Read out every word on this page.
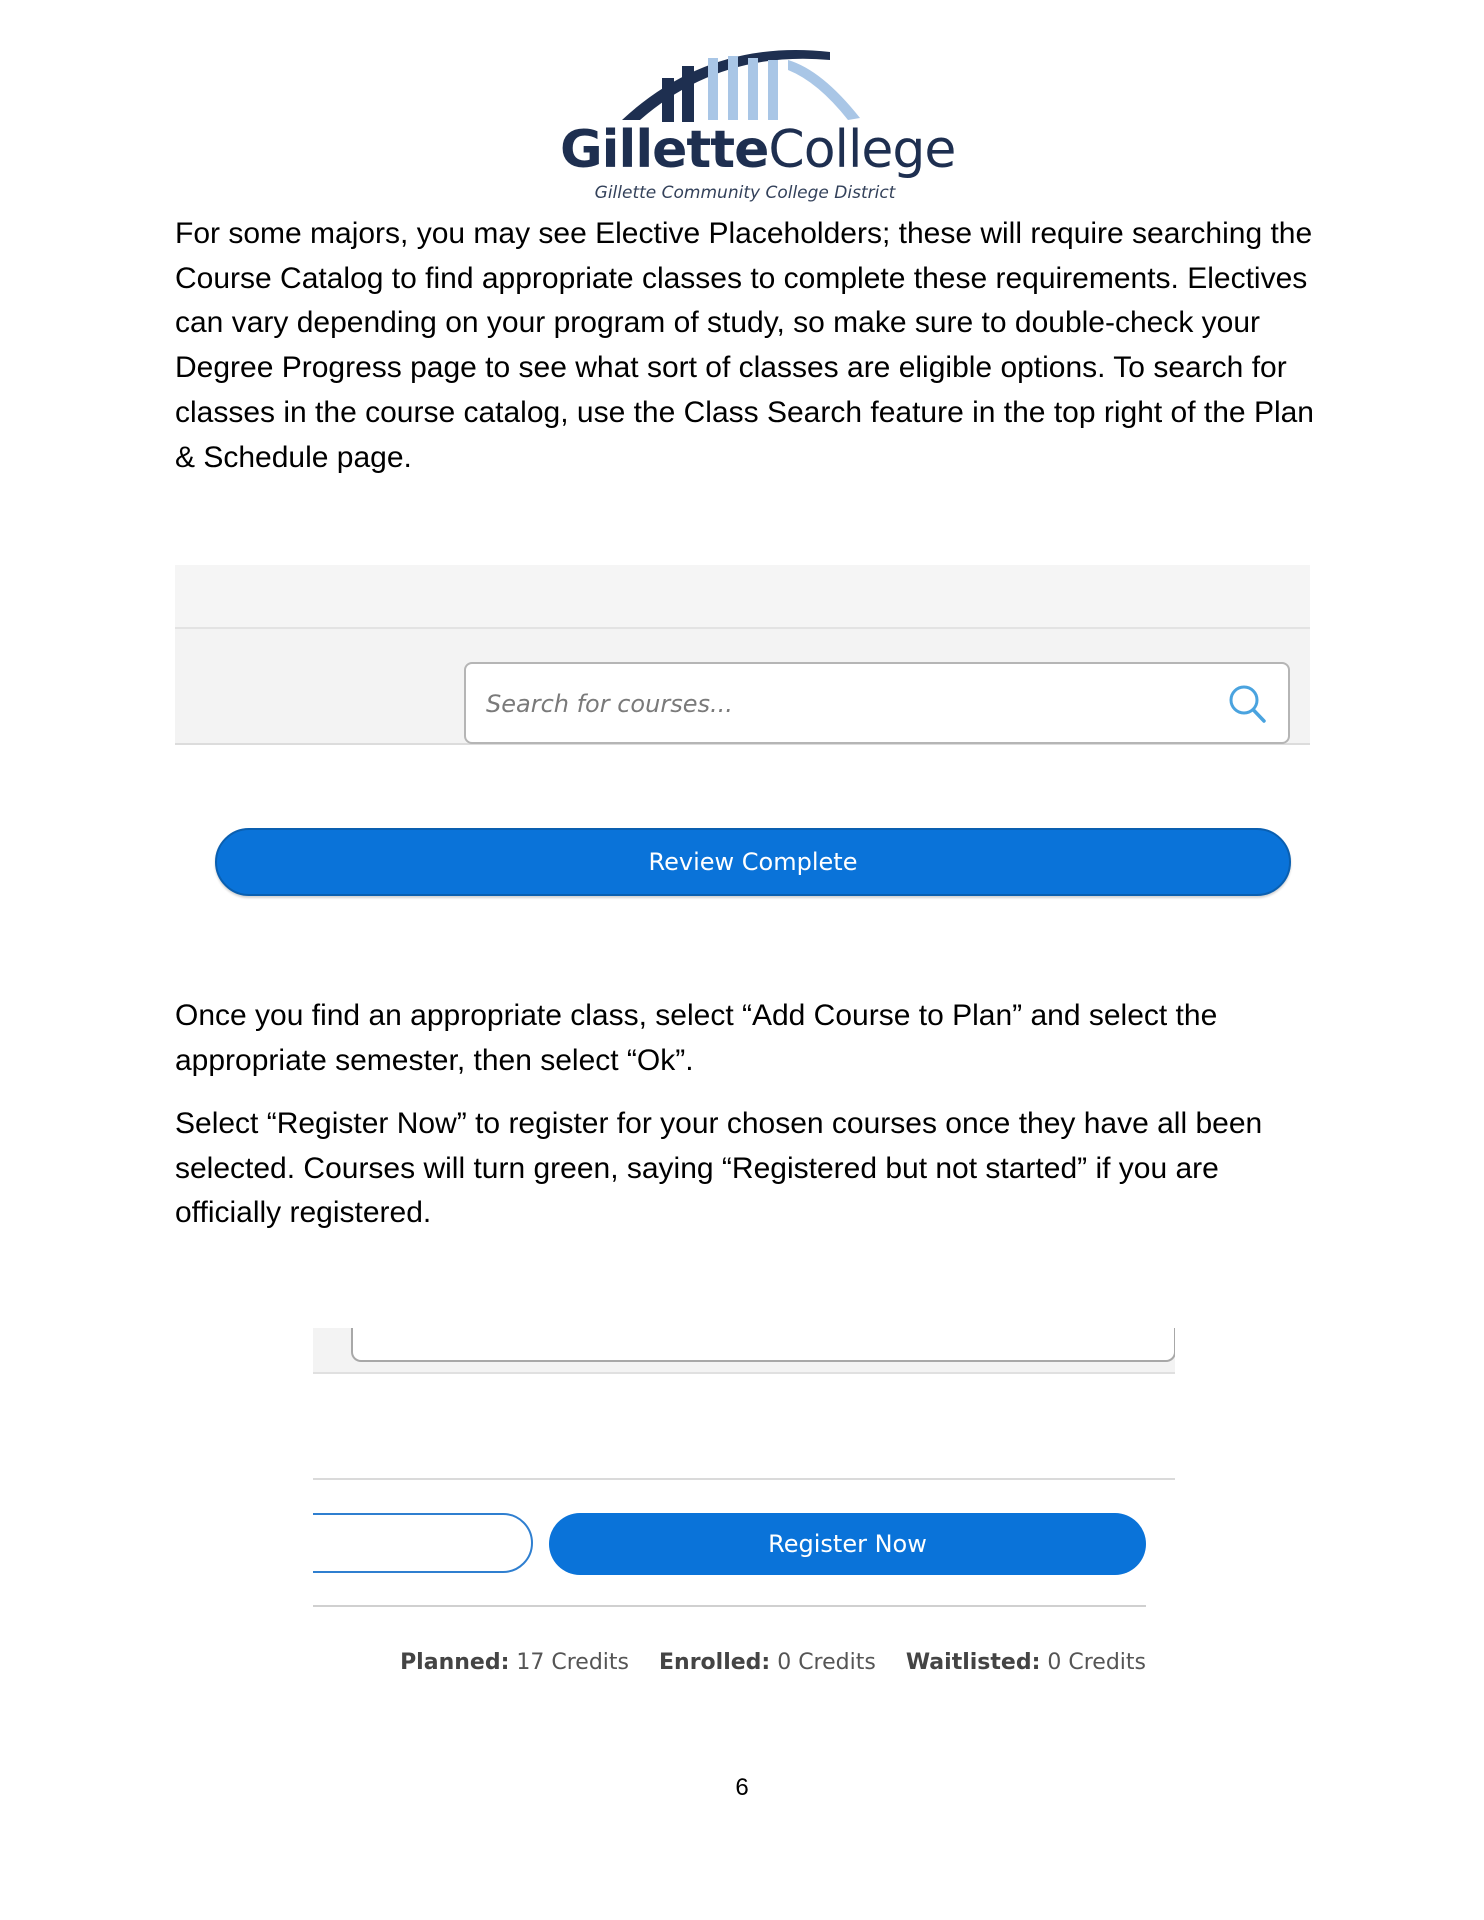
GilletteCollege
Gillette Community College District

For some majors, you may see Elective Placeholders; these will require searching the Course Catalog to find appropriate classes to complete these requirements. Electives can vary depending on your program of study, so make sure to double-check your Degree Progress page to see what sort of classes are eligible options. To search for classes in the course catalog, use the Class Search feature in the top right of the Plan & Schedule page.

Search for courses...
Review Complete

Once you find an appropriate class, select “Add Course to Plan” and select the appropriate semester, then select “Ok”.

Select “Register Now” to register for your chosen courses once they have all been selected. Courses will turn green, saying “Registered but not started” if you are officially registered.

Register Now
Planned: 17 Credits Enrolled: 0 Credits Waitlisted: 0 Credits
6
